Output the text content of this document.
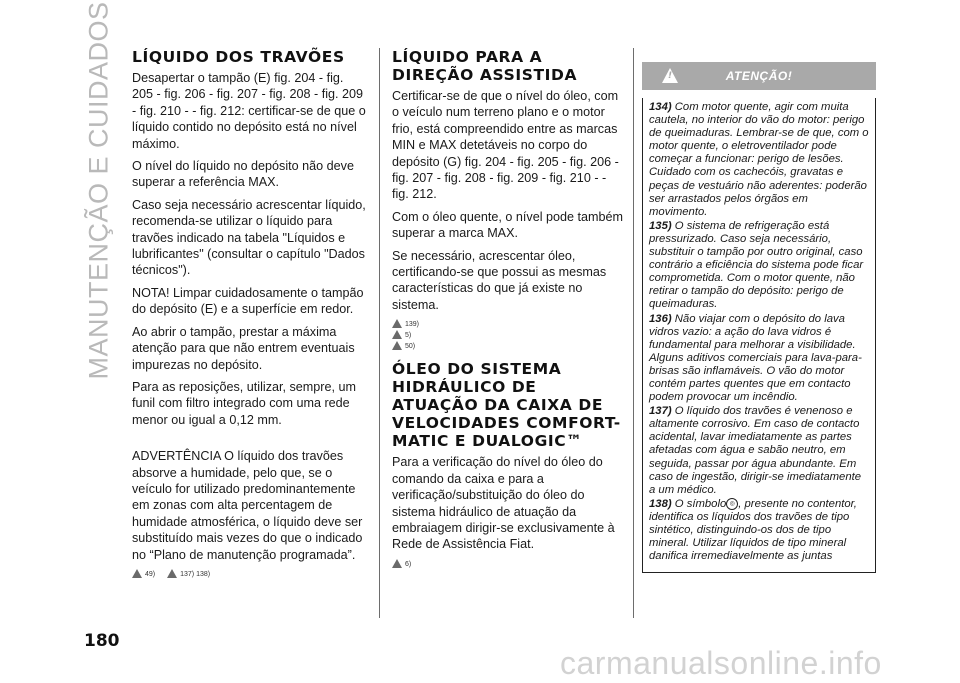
MANUTENÇÃO E CUIDADOS LÍQUIDO DOS TRAVÕES

Desapertar o tampão (E) fig. 204 - fig. 205 - fig. 206 - fig. 207 - fig. 208 - fig. 209 - fig. 210 - - fig. 212: certificar-se de que o líquido contido no depósito está no nível máximo.

O nível do líquido no depósito não deve superar a referência MAX.

Caso seja necessário acrescentar líquido, recomenda-se utilizar o líquido para travões indicado na tabela "Líquidos e lubrificantes" (consultar o capítulo "Dados técnicos").

NOTA! Limpar cuidadosamente o tampão do depósito (E) e a superfície em redor.

Ao abrir o tampão, prestar a máxima atenção para que não entrem eventuais impurezas no depósito.

Para as reposições, utilizar, sempre, um funil com filtro integrado com uma rede menor ou igual a 0,12 mm.

ADVERTÊNCIA O líquido dos travões absorve a humidade, pelo que, se o veículo for utilizado predominantemente em zonas com alta percentagem de humidade atmosférica, o líquido deve ser substituído mais vezes do que o indicado no “Plano de manutenção programada”.

49)	137) 138)
LÍQUIDO PARA A DIREÇÃO ASSISTIDA

Certificar-se de que o nível do óleo, com o veículo num terreno plano e o motor frio, está compreendido entre as marcas MIN e MAX detetáveis no corpo do depósito (G) fig. 204 - fig. 205 - fig. 206 - fig. 207 - fig. 208 - fig. 209 - fig. 210 - - fig. 212.

Com o óleo quente, o nível pode também superar a marca MAX.

Se necessário, acrescentar óleo, certificando-se que possui as mesmas características do que já existe no sistema.

139)
5)
50)
ÓLEO DO SISTEMA HIDRÁULICO DE ATUAÇÃO DA CAIXA DE VELOCIDADES COMFORT-MATIC E DUALOGIC™

Para a verificação do nível do óleo do comando da caixa e para a verificação/substituição do óleo do sistema hidráulico de atuação da embraiagem dirigir-se exclusivamente à Rede de Assistência Fiat.

6)
!
ATENÇÃO!

134) Com motor quente, agir com muita cautela, no interior do vão do motor: perigo de queimaduras. Lembrar-se de que, com o motor quente, o eletroventilador pode começar a funcionar: perigo de lesões. Cuidado com os cachecóis, gravatas e peças de vestuário não aderentes: poderão ser arrastados pelos órgãos em movimento.

135) O sistema de refrigeração está pressurizado. Caso seja necessário, substituir o tampão por outro original, caso contrário a eficiência do sistema pode ficar comprometida. Com o motor quente, não retirar o tampão do depósito: perigo de queimaduras.

136) Não viajar com o depósito do lava vidros vazio: a ação do lava vidros é fundamental para melhorar a visibilidade. Alguns aditivos comerciais para lava-para-brisas são inflamáveis. O vão do motor contém partes quentes que em contacto podem provocar um incêndio.

137) O líquido dos travões é venenoso e altamente corrosivo. Em caso de contacto acidental, lavar imediatamente as partes afetadas com água e sabão neutro, em seguida, passar por água abundante. Em caso de ingestão, dirigir-se imediatamente a um médico.

138) O símbolo ◎ , presente no contentor, identifica os líquidos dos travões de tipo sintético, distinguindo-os dos de tipo mineral. Utilizar líquidos de tipo mineral danifica irremediavelmente as juntas

180
carmanualsonline.info
